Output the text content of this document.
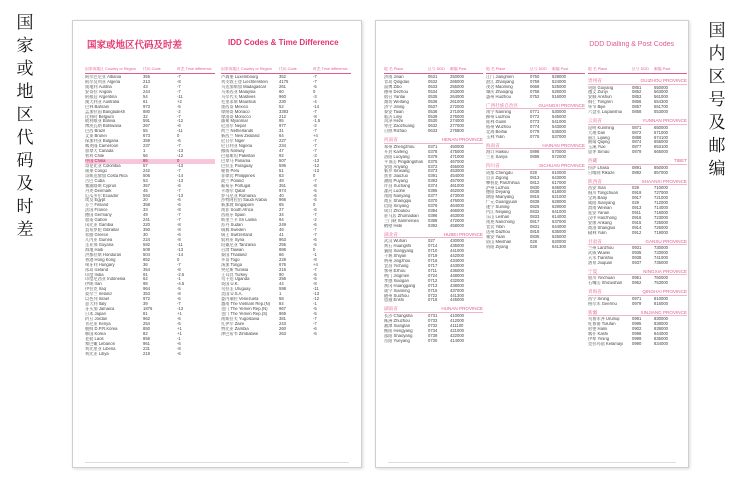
国
家
或
地
区
代
码
及
时
差
国
内
区
号
及
邮
编
国家或地区代码及时差	IDD Codes & Time Difference
国家或地区 Country or Region	代码 Code	时差 Time difference
阿尔巴尼亚 Albania	355	-7
阿尔及利亚 Algeria	213	-8
奥地利 Austria	43	-7
安哥拉 Angola	244	-7
阿根廷 Argentina	54	-11
澳大利亚 Australia	61	+2
巴林 Bahrain	973	-5
孟加拉国 Bangladesh	880	-2
比利时 Belgium	32	-7
玻利维亚 Bolivia	591	-12
博茨瓦纳 Botswana	267	-6
巴西 Brazil	55	-11
文莱 Brunei	673	0
保加利亚 Bulgaria	359	-6
喀麦隆 Cameroon	237	-7
加拿大 Canada	1	-13
智利 Chile	56	-12
中国 China	86	0
哥伦比亚 Colombia	57	-13
刚果 Congo	242	-7
哥斯达黎加 Costa Rica	506	-14
古巴 Cuba	53	-13
塞浦路斯 Cyprus	357	-6
丹麦 Denmark	45	-7
厄瓜多尔 Ecuador	593	-13
埃及 Egypt	20	-6
芬兰 Finland	358	-6
法国 France	33	-8
德国 Germany	49	-7
加蓬 Gabon	241	-7
冈比亚 Gambia	220	-8
直布罗陀 Gibraltar	350	-8
希腊 Greece	30	-6
几内亚 Guinea	224	-8
圭亚那 Guyana	592	-11
海地 Haiti	509	-13
洪都拉斯 Honduras	504	-14
香港 Hong Kong	852	0
匈牙利 Hungary	36	-7
冰岛 Iceland	354	-8
印度 India	91	-2.5
印度尼西亚 Indonesia	62	-1
伊朗 Iran	98	-4.5
伊拉克 Iraq	964	-5
爱尔兰 Ireland	353	-8
以色列 Israel	972	-6
意大利 Italy	39	-7
牙买加 Jamaica	1876	-13
日本 Japan	81	+1
约旦 Jordan	962	-6
肯尼亚 Kenya	254	-5
朝鲜 D.P.R.Korea	850	+1
韩国 Korea	82	+1
老挝 Laos	856	-1
黎巴嫩 Lebanon	961	-6
利比里亚 Liberia	231	-8
利比亚 Libya	218	-6
国家或地区 Country or Region	代码 Code	时差 Time difference
卢森堡 Luxembourg	352	-7
列支敦士登 Liechtenstein	4175	-7
马达加斯加 Madagascar	261	-5
马来西亚 Malaysia	60	0
马尔代夫 Maldives	960	-3
毛里求斯 Mauritius	230	-4
墨西哥 Mexico	52	-14
摩纳哥 Monaco	3393	-7
摩洛哥 Morocco	212	-8
缅甸 Myanmar	95	-1.5
尼泊尔 Nepal	977	-2
荷兰 Netherlands	31	-7
新西兰 New Zealand	64	+4
尼日尔 Niger	227	-7
尼日利亚 Nigeria	234	-7
挪威 Norway	47	-7
巴基斯坦 Pakistan	92	-3
巴拿马 Panama	507	-13
巴拉圭 Paraguay	595	-12
秘鲁 Peru	51	-13
菲律宾 Philippines	63	0
波兰 Poland	48	-7
葡萄牙 Portugal	351	-8
卡塔尔 Qatar	974	-5
罗马尼亚 Romania	40	-6
沙特阿拉伯 Saudi Arabia	966	-5
新加坡 Singapore	65	0
南非 South Africa	27	-6
西班牙 Spain	34	-7
斯里兰卡 Sri Lanka	94	-2
苏丹 Sudan	249	-6
瑞典 Sweden	46	-7
瑞士 Switzerland	41	-7
叙利亚 Syria	963	-6
坦桑尼亚 Tanzania	255	-5
台湾 Taiwan	886	0
泰国 Thailand	66	-1
多哥 Togo	228	-8
汤加 Tonga	676	+4
突尼斯 Tunisia	216	-7
土耳其 Turkey	90	-6
乌干达 Uganda	256	-5
英国 U.K.	44	-8
乌拉圭 Uruguay	598	-11
美国 U.S.A.	1	-13
委内瑞拉 Venezuela	58	-12
越南 The Vietnam Rep.(N)	84	-1
也门 The Yemen Rep.(N)	967	-5
也门 The Yemen Rep.(S)	969	-5
南斯拉夫 Yugoslavia	381	-7
扎伊尔 Zaire	243	-7
赞比亚 Zambia	260	-6
津巴布韦 Zimbabwe	263	-6
DDD Dialling & Post Codes
地 名 Place	区号 DDD	邮编 Post
济南 Jinan	0531	250000
青岛 Qingdao	0532	266000
淄博 Zibo	0533	255000
德州 Dezhou	0534	253000
烟台 Yantai	0535	264000
潍坊 Weifang	0536	261000
济宁 Jining	0537	272000
泰安 Taian	0538	271000
临沂 Linyi	0539	276000
菏泽 Heze	0530	274000
枣庄 Zaozhuang	0632	277000
日照 Rizhao	0633	276800
河南省	HENAN PROVINCE
郑州 Zhengzhou	0371	450000
开封 Kaifeng	0378	475000
洛阳 Luoyang	0379	471000
平顶山 Pingdingshan	0375	467000
安阳 Anyang	0372	455000
新乡 Xinxiang	0373	453000
焦作 Jiaozuo	0391	454000
濮阳 Puyang	0393	457000
许昌 Xuchang	0374	461000
漯河 Luohe	0395	462000
南阳 Nanyang	0377	473000
商丘 Shangqiu	0370	476000
信阳 Xinyang	0376	464000
周口 Zhoukou	0394	466000
驻马店 Zhumadian	0396	463000
三门峡 Sanmenxia	0398	472000
鹤壁 Hebi	0392	458000
湖北省	HUBEI PROVINCE
武汉 Wuhan	027	430000
黄石 Huangshi	0714	435000
襄阳 Xiangyang	0710	441000
十堰 Shiyan	0719	442000
荆州 Jingzhou	0716	434000
宜昌 Yichang	0717	443000
鄂州 Ezhou	0711	436000
荆门 Jingmen	0724	448000
孝感 Xiaogan	0712	432000
黄冈 Huanggang	0713	438000
咸宁 Xianning	0715	437000
随州 Suizhou	0722	441300
恩施 Enshi	0718	445000
湖南省	HUNAN PROVINCE
长沙 Changsha	0731	410000
株洲 Zhuzhou	0733	412000
湘潭 Xiangtan	0732	411100
衡阳 Hengyang	0734	421000
邵阳 Shaoyang	0739	422000
岳阳 Yueyang	0730	414000
地 名 Place	区号 DDD	邮编 Post
江门 Jiangmen	0750	529000
湛江 Zhanjiang	0759	524000
茂名 Maoming	0668	525000
肇庆 Zhaoqing	0758	526000
惠州 Huizhou	0752	516000
广西壮族自治区	GUANGXI PROVINCE
南宁 Nanning	0771	530000
柳州 Liuzhou	0772	545000
桂林 Guilin	0773	541000
梧州 Wuzhou	0774	543000
北海 Beihai	0779	536000
玉林 Yulin	0775	537000
海南省	HAINAN PROVINCE
海口 Haikou	0898	570000
三亚 Sanya	0898	572000
四川省	SICHUAN PROVINCE
成都 Chengdu	028	610000
自贡 Zigong	0813	643000
攀枝花 Panzhihua	0812	617000
泸州 Luzhou	0830	646000
德阳 Deyang	0838	618000
绵阳 Mianyang	0816	621000
广元 Guangyuan	0839	628000
遂宁 Suining	0825	629000
内江 Neijiang	0832	641000
乐山 Leshan	0833	614000
南充 Nanchong	0817	637000
宜宾 Yibin	0831	644000
达州 Dazhou	0818	635000
雅安 Yaan	0835	625000
眉山 Meishan	028	620000
资阳 Ziyang	028	641300
地 名 Place	区号 DDD	邮编 Post
贵州省	GUIZHOU PROVINCE
贵阳 Guiyang	0851	550000
遵义 Zunyi	0852	563000
安顺 Anshun	0853	561000
铜仁 Tongren	0856	554300
毕节 Bijie	0857	551700
六盘水 Liupanshui	0858	553000
云南省	YUNNAN PROVINCE
昆明 Kunming	0871	650000
大理 Dali	0872	671000
丽江 Lijiang	0888	674100
曲靖 Qujing	0874	655000
玉溪 Yuxi	0877	653100
思茅 Simao	0879	665000
西藏	TIBET
拉萨 Lhasa	0891	850000
日喀则 Rikaze	0892	857000
陕西省	SHAANXI PROVINCE
西安 Xian	029	710000
铜川 Tongchuan	0919	727000
宝鸡 Baoji	0917	721000
咸阳 Xianyang	029	712000
渭南 Weinan	0913	714000
延安 Yanan	0911	716000
汉中 Hanzhong	0916	723000
安康 Ankang	0915	725000
商洛 Shangluo	0914	726000
榆林 Yulin	0912	719000
甘肃省	GANSU PROVINCE
兰州 Lanzhou	0931	730000
武威 Wuwei	0935	733000
天水 Tianshui	0938	741000
酒泉 Jiuquan	0937	735000
宁夏	NINGXIA PROVINCE
银川 Yinchuan	0951	750000
石嘴山 Shizuishan	0952	753000
青海省	QINGHAI PROVINCE
西宁 Xining	0971	810000
格尔木 Geermu	0979	816000
新疆	XINJIANG PROVINCE
乌鲁木齐 Urumqi	0991	830000
吐鲁番 Tulufan	0995	838000
哈密 Hami	0902	839000
喀什 Kashi	0998	844000
伊犁 Yining	0999	835000
克拉玛依 Kelamayi	0990	834000
